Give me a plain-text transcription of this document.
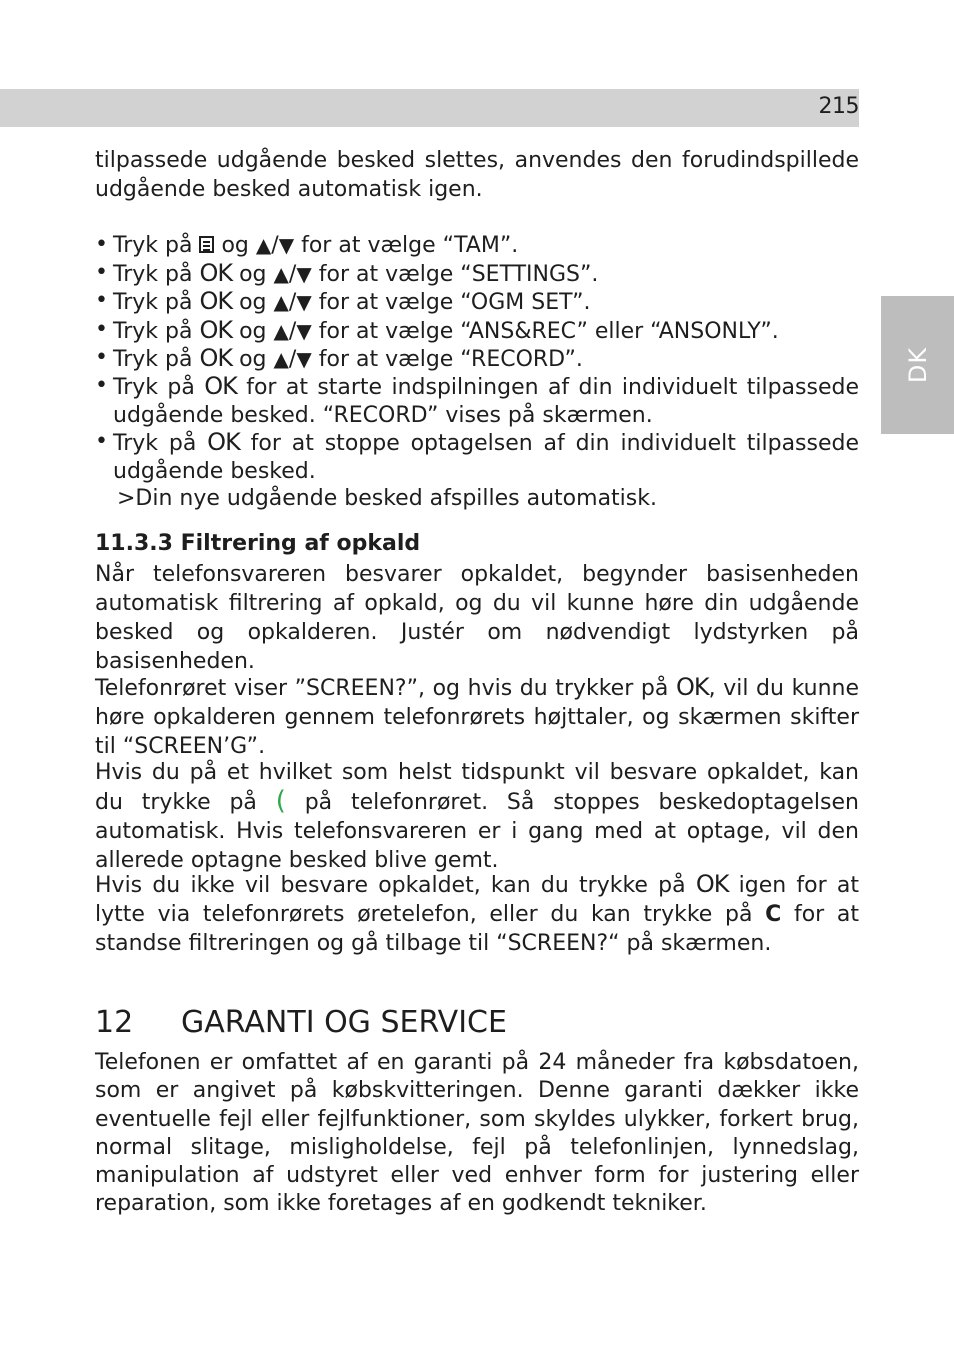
215
DK

tilpassede udgående besked slettes, anvendes den forudindspillede udgående besked automatisk igen.

• Tryk på og ▲/▼ for at vælge “TAM”.
• Tryk på OK og ▲/▼ for at vælge “SETTINGS”.
• Tryk på OK og ▲/▼ for at vælge “OGM SET”.
• Tryk på OK og ▲/▼ for at vælge “ANS&REC” eller “ANSONLY”.
• Tryk på OK og ▲/▼ for at vælge “RECORD”.
• Tryk på OK for at starte indspilningen af din individuelt tilpassede udgående besked. “RECORD” vises på skærmen.
• Tryk på OK for at stoppe optagelsen af din individuelt tilpassede udgående besked.
>Din nye udgående besked afspilles automatisk.
11.3.3 Filtrering af opkald

Når telefonsvareren besvarer opkaldet, begynder basisenheden automatisk filtrering af opkald, og du vil kunne høre din udgående besked og opkalderen. Justér om nødvendigt lydstyrken på basisenheden.

Telefonrøret viser ”SCREEN?”, og hvis du trykker på OK, vil du kunne høre opkalderen gennem telefonrørets højttaler, og skærmen skifter til “SCREEN’G”.

Hvis du på et hvilket som helst tidspunkt vil besvare opkaldet, kan du trykke på ( på telefonrøret. Så stoppes beskedoptagelsen automatisk. Hvis telefonsvareren er i gang med at optage, vil den allerede optagne besked blive gemt.

Hvis du ikke vil besvare opkaldet, kan du trykke på OK igen for at lytte via telefonrørets øretelefon, eller du kan trykke på C for at standse filtreringen og gå tilbage til “SCREEN?“ på skærmen.

12 GARANTI OG SERVICE

Telefonen er omfattet af en garanti på 24 måneder fra købsdatoen, som er angivet på købskvitteringen. Denne garanti dækker ikke eventuelle fejl eller fejlfunktioner, som skyldes ulykker, forkert brug, normal slitage, misligholdelse, fejl på telefonlinjen, lynnedslag, manipulation af udstyret eller ved enhver form for justering eller reparation, som ikke foretages af en godkendt tekniker.
